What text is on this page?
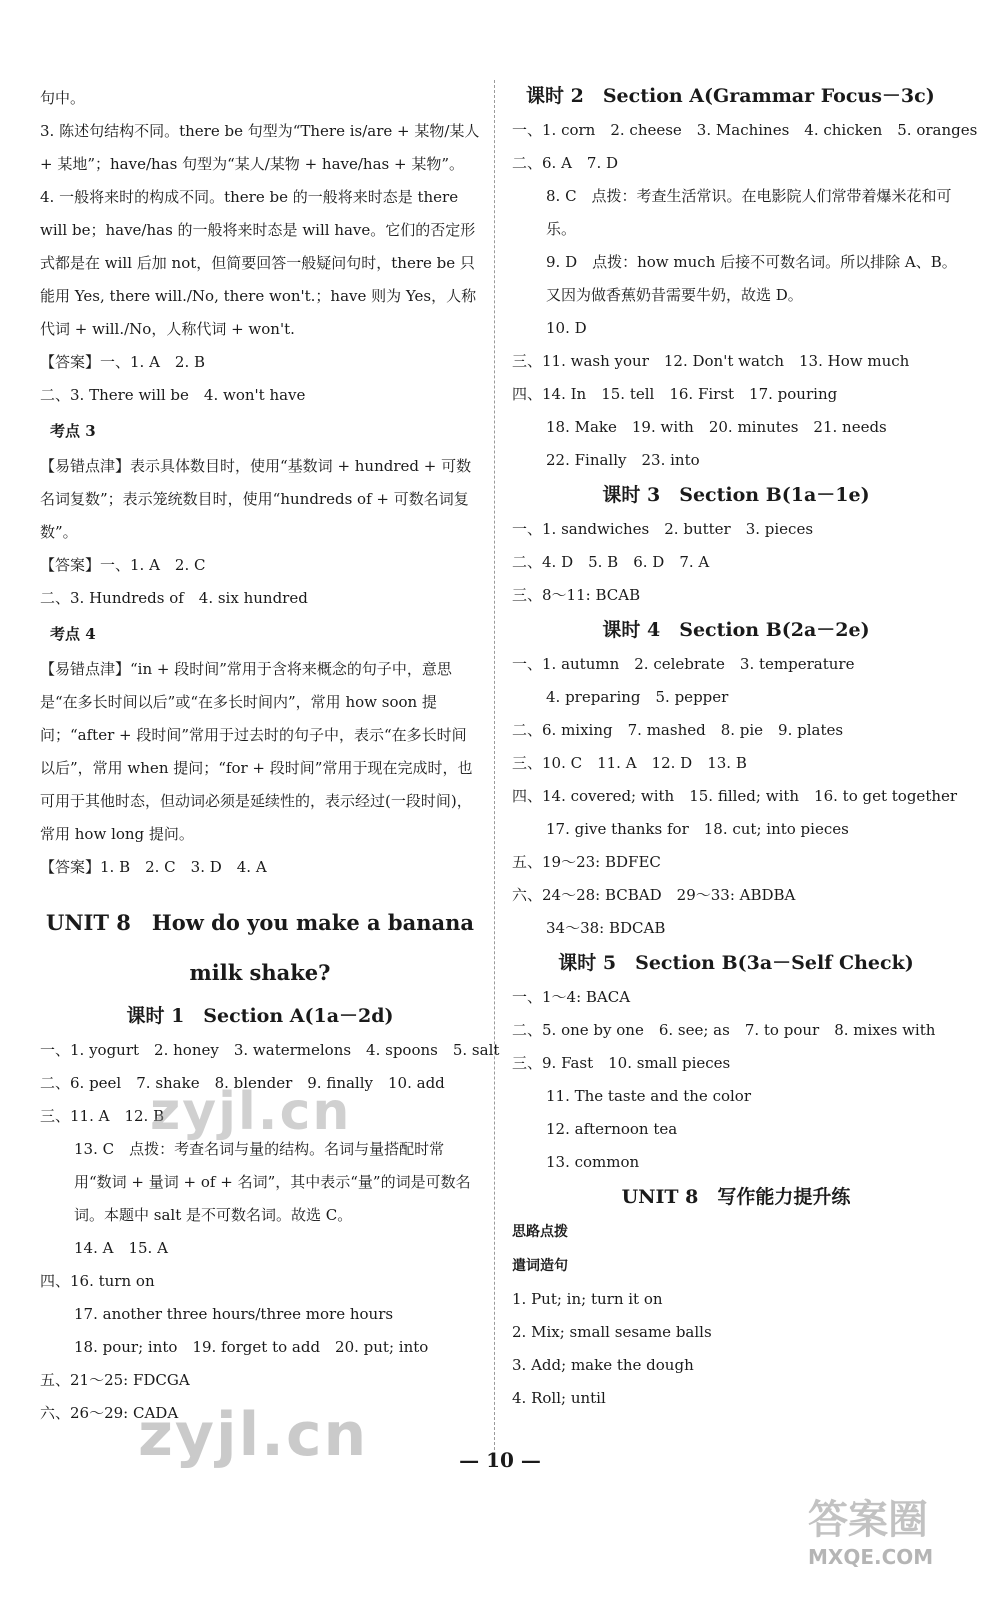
句中。
3. 陈述句结构不同。there be 句型为“There is/are + 某物/某人 + 某地”；have/has 句型为“某人/某物 + have/has + 某物”。
4. 一般将来时的构成不同。there be 的一般将来时态是 there will be；have/has 的一般将来时态是 will have。它们的否定形式都是在 will 后加 not，但简要回答一般疑问句时，there be 只能用 Yes, there will./No, there won't.；have 则为 Yes，人称代词 + will./No，人称代词 + won't.
【答案】一、1. A　2. B
二、3. There will be　4. won't have
考点 3
【易错点津】表示具体数目时，使用“基数词 + hundred + 可数名词复数”；表示笼统数目时，使用“hundreds of + 可数名词复数”。
【答案】一、1. A　2. C
二、3. Hundreds of　4. six hundred
考点 4
【易错点津】“in + 段时间”常用于含将来概念的句子中，意思是“在多长时间以后”或“在多长时间内”，常用 how soon 提问；“after + 段时间”常用于过去时的句子中，表示“在多长时间以后”，常用 when 提问；“for + 段时间”常用于现在完成时，也可用于其他时态，但动词必须是延续性的，表示经过(一段时间)，常用 how long 提问。
【答案】1. B　2. C　3. D　4. A
UNIT 8　How do you make a banana
milk shake?
课时 1　Section A(1a－2d)
一、1. yogurt　2. honey　3. watermelons　4. spoons　5. salt
二、6. peel　7. shake　8. blender　9. finally　10. add
三、11. A　12. B
13. C　点拨：考查名词与量的结构。名词与量搭配时常用“数词 + 量词 + of + 名词”，其中表示“量”的词是可数名词。本题中 salt 是不可数名词。故选 C。
14. A　15. A
四、16. turn on
17. another three hours/three more hours
18. pour; into　19. forget to add　20. put; into
五、21～25: FDCGA
六、26～29: CADA
课时 2　Section A(Grammar Focus－3c)
一、1. corn　2. cheese　3. Machines　4. chicken　5. oranges
二、6. A　7. D
8. C　点拨：考查生活常识。在电影院人们常带着爆米花和可乐。
9. D　点拨：how much 后接不可数名词。所以排除 A、B。又因为做香蕉奶昔需要牛奶，故选 D。
10. D
三、11. wash your　12. Don't watch　13. How much
四、14. In　15. tell　16. First　17. pouring
18. Make　19. with　20. minutes　21. needs
22. Finally　23. into
课时 3　Section B(1a－1e)
一、1. sandwiches　2. butter　3. pieces
二、4. D　5. B　6. D　7. A
三、8～11: BCAB
课时 4　Section B(2a－2e)
一、1. autumn　2. celebrate　3. temperature
4. preparing　5. pepper
二、6. mixing　7. mashed　8. pie　9. plates
三、10. C　11. A　12. D　13. B
四、14. covered; with　15. filled; with　16. to get together
17. give thanks for　18. cut; into pieces
五、19～23: BDFEC
六、24～28: BCBAD　29～33: ABDBA
34～38: BDCAB
课时 5　Section B(3a－Self Check)
一、1～4: BACA
二、5. one by one　6. see; as　7. to pour　8. mixes with
三、9. Fast　10. small pieces
11. The taste and the color
12. afternoon tea
13. common
UNIT 8　写作能力提升练
思路点拨
遣词造句
1. Put; in; turn it on
2. Mix; small sesame balls
3. Add; make the dough
4. Roll; until
— 10 —
zyjl.cn
zyjl.cn
答案圈
MXQE.COM
